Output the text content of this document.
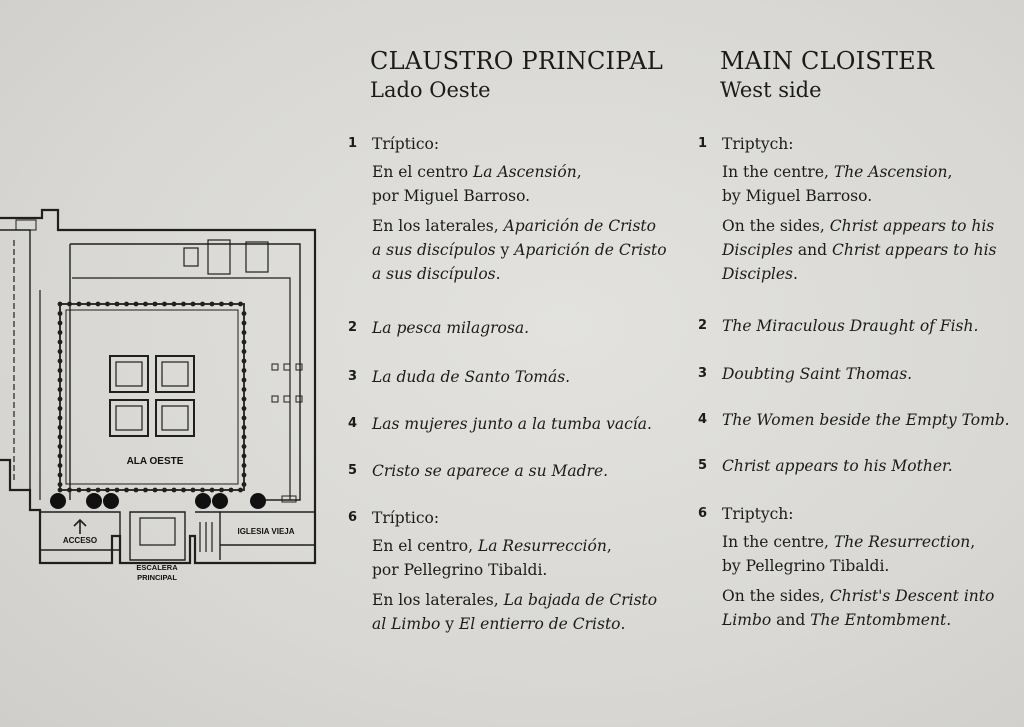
ALA OESTE
ACCESO
ESCALERA
PRINCIPAL
IGLESIA VIEJA
CLAUSTRO PRINCIPAL
Lado Oeste
1 Tríptico:
En el centro La Ascensión,
por Miguel Barroso.
En los laterales, Aparición de Cristo
a sus discípulos y Aparición de Cristo
a sus discípulos.
2 La pesca milagrosa.
3 La duda de Santo Tomás.
4 Las mujeres junto a la tumba vacía.
5 Cristo se aparece a su Madre.
6 Tríptico:
En el centro, La Resurrección,
por Pellegrino Tibaldi.
En los laterales, La bajada de Cristo
al Limbo y El entierro de Cristo.
MAIN CLOISTER
West side
1 Triptych:
In the centre, The Ascension,
by Miguel Barroso.
On the sides, Christ appears to his
Disciples and Christ appears to his
Disciples.
2 The Miraculous Draught of Fish.
3 Doubting Saint Thomas.
4 The Women beside the Empty Tomb.
5 Christ appears to his Mother.
6 Triptych:
In the centre, The Resurrection,
by Pellegrino Tibaldi.
On the sides, Christ's Descent into
Limbo and The Entombment.
